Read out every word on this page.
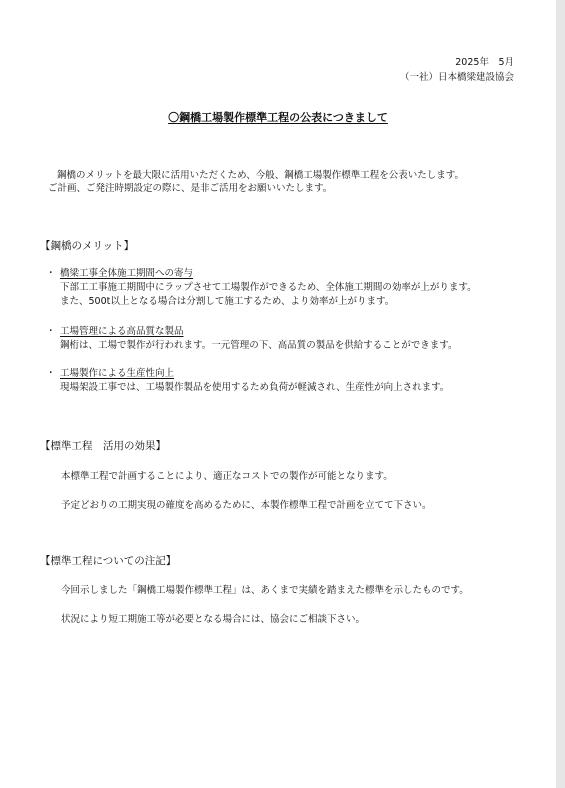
2025年　5月
（一社）日本橋梁建設協会
〇鋼橋工場製作標準工程の公表につきまして
鋼橋のメリットを最大限に活用いただくため、今般、鋼橋工場製作標準工程を公表いたします。
ご計画、ご発注時期設定の際に、是非ご活用をお願いいたします。
【鋼橋のメリット】
・ 橋梁工事全体施工期間への寄与
下部工工事施工期間中にラップさせて工場製作ができるため、全体施工期間の効率が上がります。
また、500t以上となる場合は分割して施工するため、より効率が上がります。
・ 工場管理による高品質な製品
鋼桁は、工場で製作が行われます。一元管理の下、高品質の製品を供給することができます。
・ 工場製作による生産性向上
現場架設工事では、工場製作製品を使用するため負荷が軽減され、生産性が向上されます。
【標準工程　活用の効果】
本標準工程で計画することにより、適正なコストでの製作が可能となります。
予定どおりの工期実現の確度を高めるために、本製作標準工程で計画を立てて下さい。
【標準工程についての注記】
今回示しました「鋼橋工場製作標準工程」は、あくまで実績を踏まえた標準を示したものです。
状況により短工期施工等が必要となる場合には、協会にご相談下さい。
